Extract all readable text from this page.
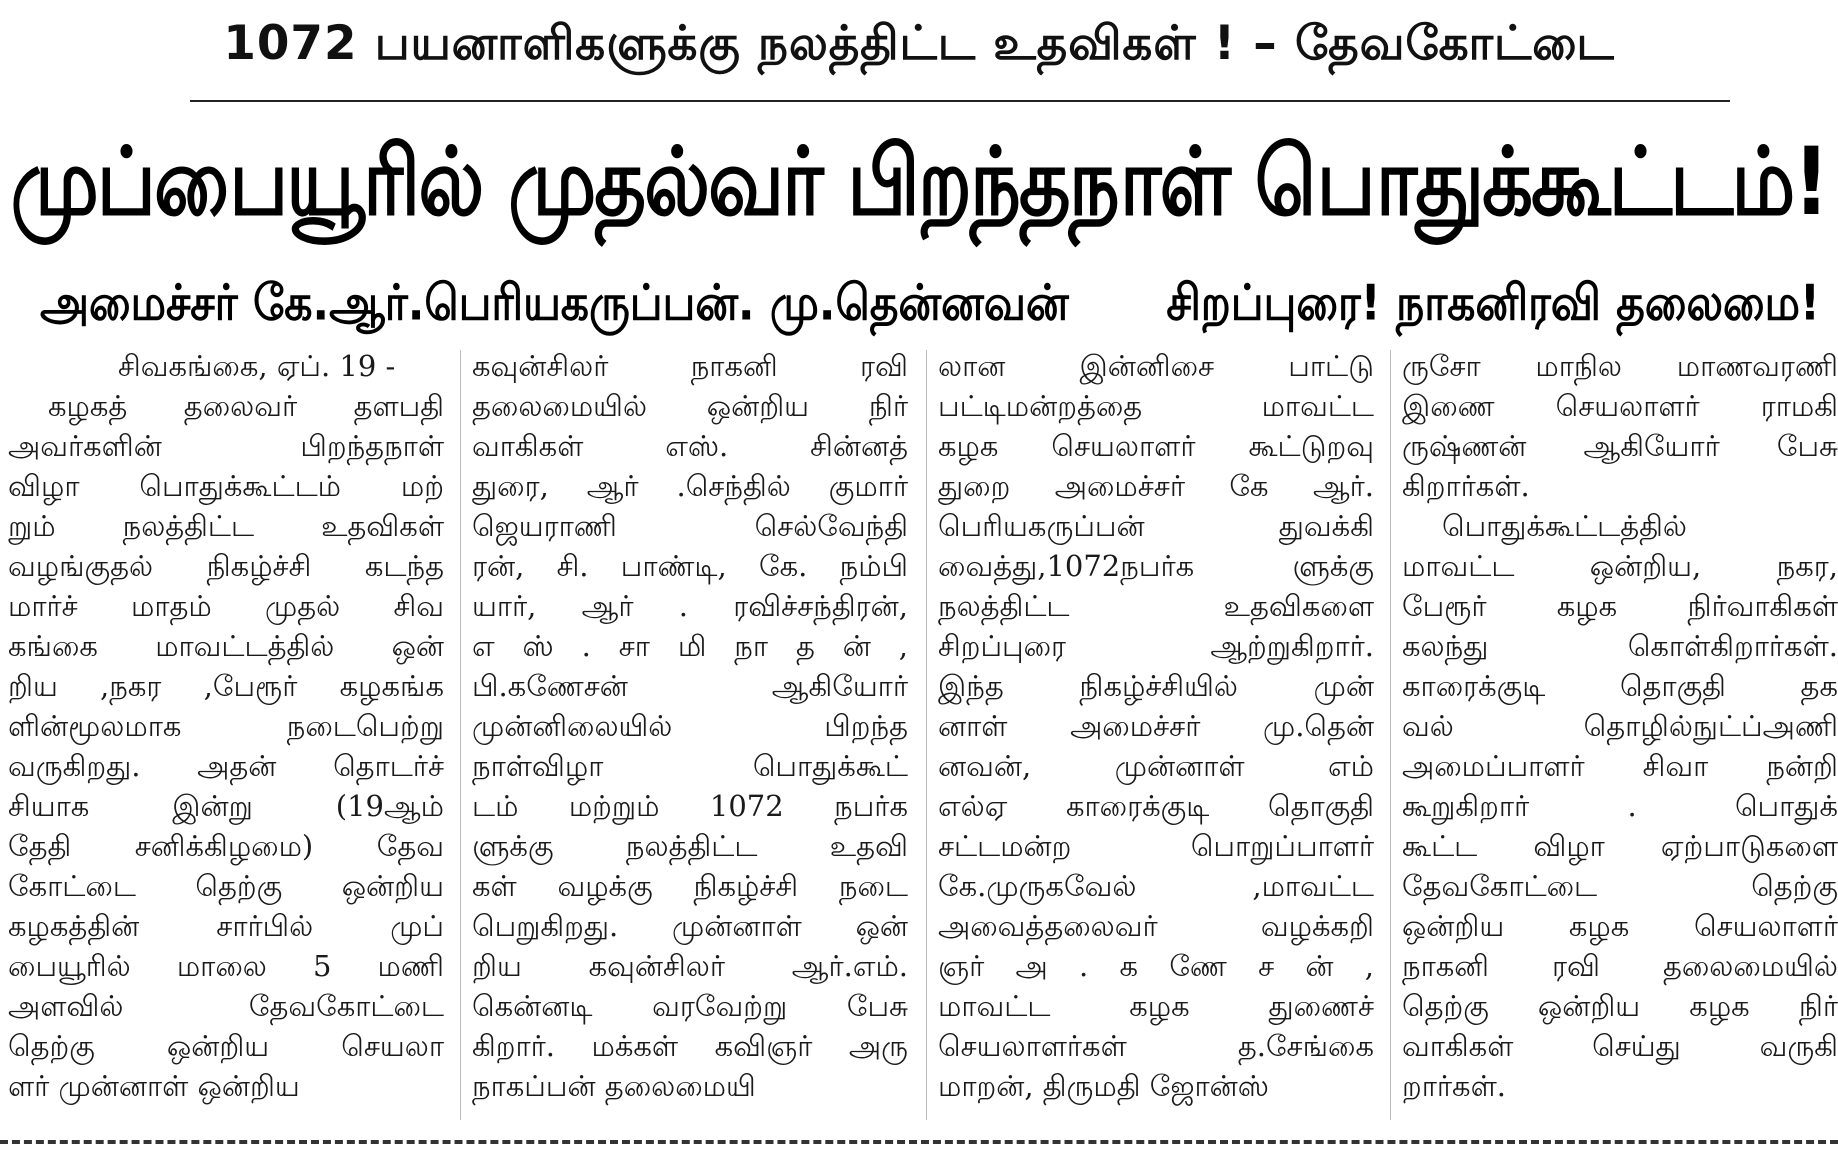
1072 பயனாளிகளுக்கு நலத்திட்ட உதவிகள் ! – தேவகோட்டை
முப்பையூரில் முதல்வர் பிறந்தநாள் பொதுக்கூட்டம்!
அமைச்சர் கே.ஆர்.பெரியகருப்பன். மு.தென்னவன் சிறப்புரை! நாகனிரவி தலைமை!
சிவகங்கை, ஏப். 19 -
கழகத் தலைவர் தளபதி
அவர்களின் பிறந்தநாள்
விழா பொதுக்கூட்டம் மற்
றும் நலத்திட்ட உதவிகள்
வழங்குதல் நிகழ்ச்சி கடந்த
மார்ச் மாதம் முதல் சிவ
கங்கை மாவட்டத்தில் ஒன்
றிய ,நகர ,பேரூர் கழகங்க
ளின்மூலமாக நடைபெற்று
வருகிறது. அதன் தொடர்ச்
சியாக இன்று (19ஆம்
தேதி சனிக்கிழமை) தேவ
கோட்டை தெற்கு ஒன்றிய
கழகத்தின் சார்பில் முப்
பையூரில் மாலை 5 மணி
அளவில் தேவகோட்டை
தெற்கு ஒன்றிய செயலா
ளர் முன்னாள் ஒன்றிய
கவுன்சிலர் நாகனி ரவி
தலைமையில் ஒன்றிய நிர்
வாகிகள் எஸ். சின்னத்
துரை, ஆர் .செந்தில் குமார்
ஜெயராணி செல்வேந்தி
ரன், சி. பாண்டி, கே. நம்பி
யார், ஆர் . ரவிச்சந்திரன்,
எ ஸ் . சா மி நா த ன் ,
பி.கணேசன் ஆகியோர்
முன்னிலையில் பிறந்த
நாள்விழா பொதுக்கூட்
டம் மற்றும் 1072 நபர்க
ளுக்கு நலத்திட்ட உதவி
கள் வழக்கு நிகழ்ச்சி நடை
பெறுகிறது. முன்னாள் ஒன்
றிய கவுன்சிலர் ஆர்.எம்.
கென்னடி வரவேற்று பேசு
கிறார். மக்கள் கவிஞர் அரு
நாகப்பன் தலைமையி
லான இன்னிசை பாட்டு
பட்டிமன்றத்தை மாவட்ட
கழக செயலாளர் கூட்டுறவு
துறை அமைச்சர் கே ஆர்.
பெரியகருப்பன் துவக்கி
வைத்து,1072நபர்க ளுக்கு
நலத்திட்ட உதவிகளை
சிறப்புரை ஆற்றுகிறார்.
இந்த நிகழ்ச்சியில் முன்
னாள் அமைச்சர் மு.தென்
னவன், முன்னாள் எம்
எல்ஏ காரைக்குடி தொகுதி
சட்டமன்ற பொறுப்பாளர்
கே.முருகவேல் ,மாவட்ட
அவைத்தலைவர் வழக்கறி
ஞர் அ . க ணே ச ன் ,
மாவட்ட கழக துணைச்
செயலாளர்கள் த.சேங்கை
மாறன், திருமதி ஜோன்ஸ்
ருசோ மாநில மாணவரணி
இணை செயலாளர் ராமகி
ருஷ்ணன் ஆகியோர் பேசு
கிறார்கள்.
பொதுக்கூட்டத்தில்
மாவட்ட ஒன்றிய, நகர,
பேரூர் கழக நிர்வாகிகள்
கலந்து கொள்கிறார்கள்.
காரைக்குடி தொகுதி தக
வல் தொழில்நுட்ப்அணி
அமைப்பாளர் சிவா நன்றி
கூறுகிறார் . பொதுக்
கூட்ட விழா ஏற்பாடுகளை
தேவகோட்டை தெற்கு
ஒன்றிய கழக செயலாளர்
நாகனி ரவி தலைமையில்
தெற்கு ஒன்றிய கழக நிர்
வாகிகள் செய்து வருகி
றார்கள்.
